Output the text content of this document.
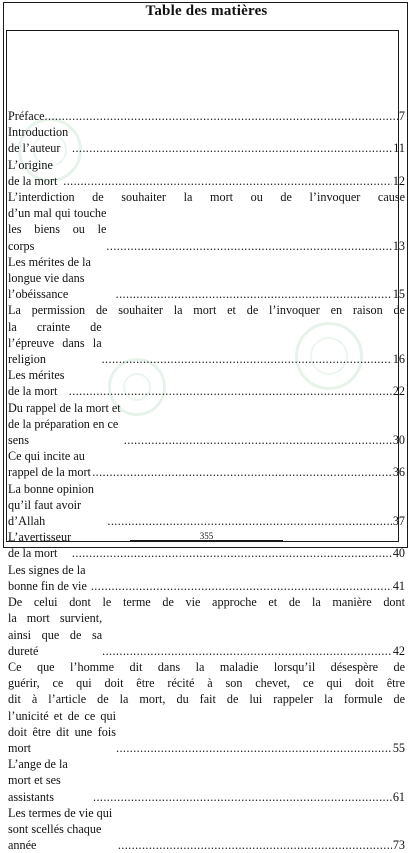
Table des matières
Préface .....	7
Introduction de l’auteur .....	11
L’origine de la mort .....	12
L’interdiction de souhaiter la mort ou de l’invoquer cause
d’un mal qui touche les biens ou le corps .....	13
Les mérites de la longue vie dans l’obéissance .....	15
La permission de souhaiter la mort et de l’invoquer en raison de
la crainte de l’épreuve dans la religion .....	16
Les mérites de la mort .....	22
Du rappel de la mort et de la préparation en ce sens .....	30
Ce qui incite au rappel de la mort .....	36
La bonne opinion qu’il faut avoir d’Allah .....	37
L’avertisseur de la mort .....	40
Les signes de la bonne fin de vie .....	41
De celui dont le terme de vie approche et de la manière dont
la mort survient, ainsi que de sa dureté .....	42
Ce que l’homme dit dans la maladie lorsqu’il désespère de
guérir, ce qui doit être récité à son chevet, ce qui doit être
dit à l’article de la mort, du fait de lui rappeler la formule de
l’unicité et de ce qui doit être dit une fois mort .....	55
L’ange de la mort et ses assistants .....	61
Les termes de vie qui sont scellés chaque année .....	73
355
